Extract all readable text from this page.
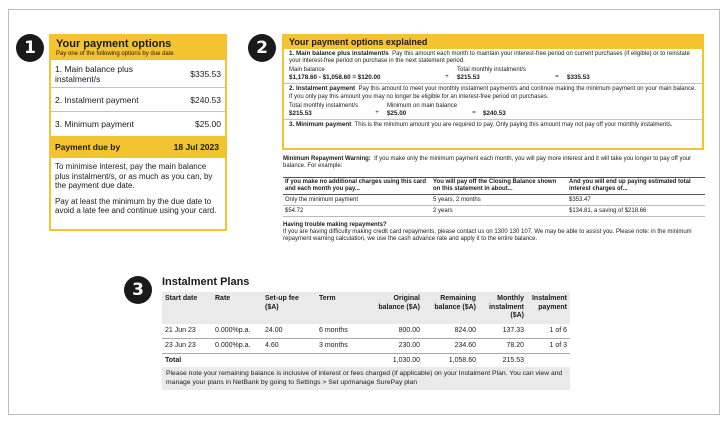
1	2
3
Your payment options
Pay one of the following options by due date
1. Main balance plus instalment/s	$335.53
2. Instalment payment	$240.53
3. Minimum payment	$25.00
Payment due by	18 Jul 2023
To minimise interest, pay the main balance plus instalment/s, or as much as you can, by the payment due date.
Pay at least the minimum by the due date to avoid a late fee and continue using your card.
Your payment options explained
1. Main balance plus instalment/s Pay this amount each month to maintain your interest-free period on current purchases (if eligible) or to reinstate your interest-free period on purchase in the next statement period.
Main balance
$1,178.60 - $1,058.60 = $120.00	+
Total monthly instalment/s
$215.53	=	$335.53
2. Instalment payment Pay this amount to meet your monthly instalment payment/s and continue making the minimum payment on your main balance. If you only pay this amount you may no longer be eligible for an interest-free period on purchases.
Total monthly instalment/s
$215.53	+
Minimum on main balance
$25.00	=	$240.53
3. Minimum payment This is the minimum amount you are required to pay. Only paying this amount may not pay off your monthly instalments.
Minimum Repayment Warning: If you make only the minimum payment each month, you will pay more interest and it will take you longer to pay off your balance. For example:
If you make no additional charges using this card and each month you pay...	You will pay off the Closing Balance shown on this statement in about...	And you will end up paying estimated total interest charges of...
Only the minimum payment	5 years, 2 months	$353.47
$54.72	2 years	$134.81, a saving of $218.66
Having trouble making repayments?
If you are having difficulty making credit card repayments, please contact us on 1300 130 107. We may be able to assist you. Please note: in the minimum repayment warning calculation, we use the cash advance rate and apply it to the entire balance.
Instalment Plans
Start date	Rate	Set-up fee ($A)	Term	Original balance ($A)	Remaining balance ($A)	Monthly instalment ($A)	Instalment payment
21 Jun 23	0.000%p.a.	24.00	6 months	800.00	824.00	137.33	1 of 6
23 Jun 23	0.000%p.a.	4.60	3 months	230.00	234.60	78.20	1 of 3
Total				1,030.00	1,058.60	215.53	
Please note your remaining balance is inclusive of interest or fees charged (if applicable) on your Instalment Plan. You can view and manage your plans in NetBank by going to Settings > Set up/manage SurePay plan
